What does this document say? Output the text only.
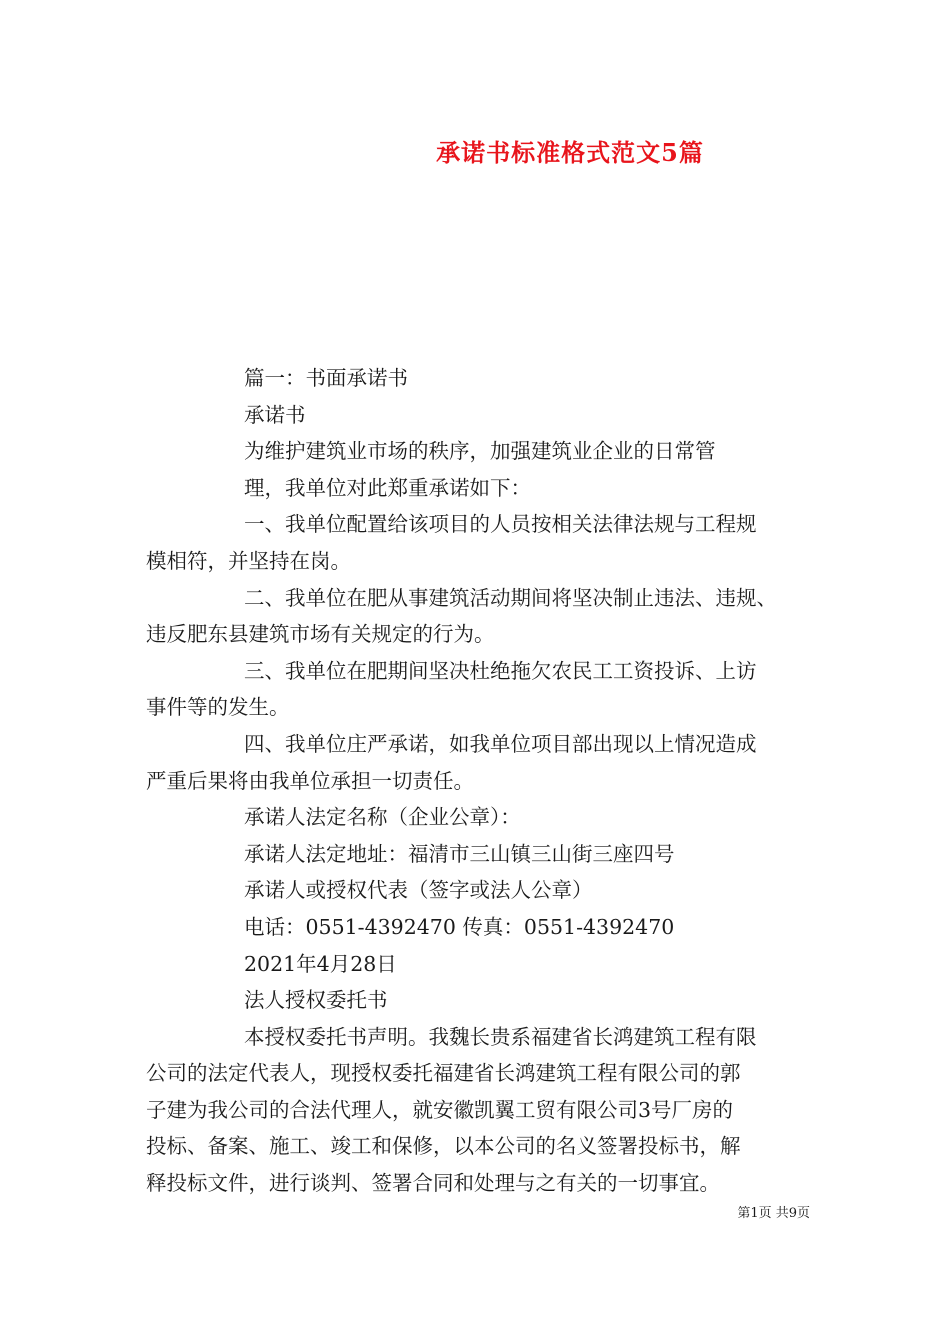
承诺书标准格式范文5篇

篇一：书面承诺书

承诺书

为维护建筑业市场的秩序，加强建筑业企业的日常管

理，我单位对此郑重承诺如下：

一、我单位配置给该项目的人员按相关法律法规与工程规

模相符，并坚持在岗。

二、我单位在肥从事建筑活动期间将坚决制止违法、违规、

违反肥东县建筑市场有关规定的行为。

三、我单位在肥期间坚决杜绝拖欠农民工工资投诉、上访

事件等的发生。

四、我单位庄严承诺，如我单位项目部出现以上情况造成

严重后果将由我单位承担一切责任。

承诺人法定名称（企业公章）：

承诺人法定地址：福清市三山镇三山街三座四号

承诺人或授权代表（签字或法人公章）

电话：0551-4392470 传真：0551-4392470

2021年4月28日

法人授权委托书

本授权委托书声明。我魏长贵系福建省长鸿建筑工程有限

公司的法定代表人，现授权委托福建省长鸿建筑工程有限公司的郭

子建为我公司的合法代理人，就安徽凯翼工贸有限公司3号厂房的

投标、备案、施工、竣工和保修，以本公司的名义签署投标书，解

释投标文件，进行谈判、签署合同和处理与之有关的一切事宜。

第1页 共9页
